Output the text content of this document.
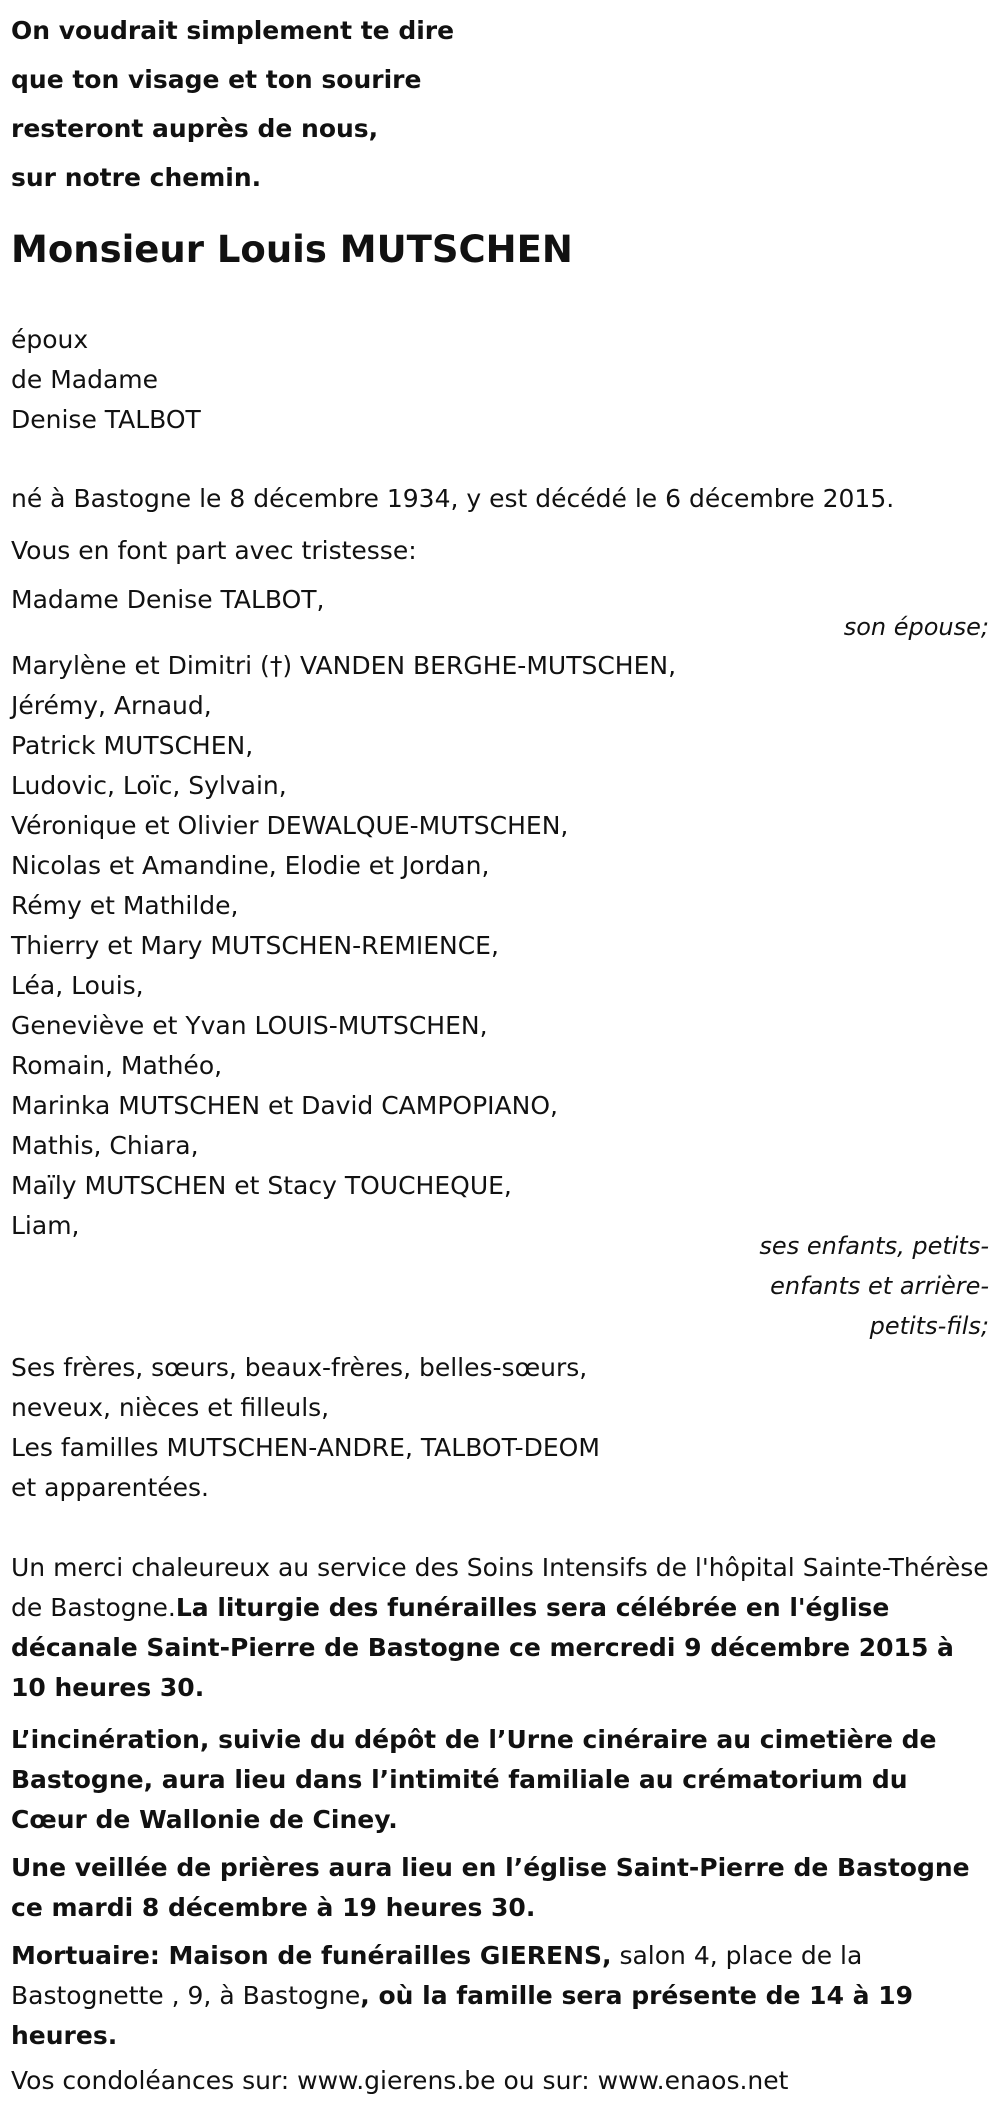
On voudrait simplement te dire
que ton visage et ton sourire
resteront auprès de nous,
sur notre chemin.
Monsieur Louis MUTSCHEN
époux
de Madame
Denise TALBOT
né à Bastogne le 8 décembre 1934, y est décédé le 6 décembre 2015.
Vous en font part avec tristesse:
Madame Denise TALBOT,
son épouse;
Marylène et Dimitri (†) VANDEN BERGHE-MUTSCHEN,
Jérémy, Arnaud,
Patrick MUTSCHEN,
Ludovic, Loïc, Sylvain,
Véronique et Olivier DEWALQUE-MUTSCHEN,
Nicolas et Amandine, Elodie et Jordan,
Rémy et Mathilde,
Thierry et Mary MUTSCHEN-REMIENCE,
Léa, Louis,
Geneviève et Yvan LOUIS-MUTSCHEN,
Romain, Mathéo,
Marinka MUTSCHEN et David CAMPOPIANO,
Mathis, Chiara,
Maïly MUTSCHEN et Stacy TOUCHEQUE,
Liam,
ses enfants, petits-
enfants et arrière-
petits-fils;
Ses frères, sœurs, beaux-frères, belles-sœurs,
neveux, nièces et filleuls,
Les familles MUTSCHEN-ANDRE, TALBOT-DEOM
et apparentées.
Un merci chaleureux au service des Soins Intensifs de l'hôpital Sainte-Thérèse de Bastogne.La liturgie des funérailles sera célébrée en l'église décanale Saint-Pierre de Bastogne ce mercredi 9 décembre 2015 à 10 heures 30.
L’incinération, suivie du dépôt de l’Urne cinéraire au cimetière de Bastogne, aura lieu dans l’intimité familiale au crématorium du Cœur de Wallonie de Ciney.
Une veillée de prières aura lieu en l’église Saint-Pierre de Bastogne ce mardi 8 décembre à 19 heures 30.
Mortuaire: Maison de funérailles GIERENS, salon 4, place de la Bastognette , 9, à Bastogne, où la famille sera présente de 14 à 19 heures.
Vos condoléances sur: www.gierens.be ou sur: www.enaos.net
